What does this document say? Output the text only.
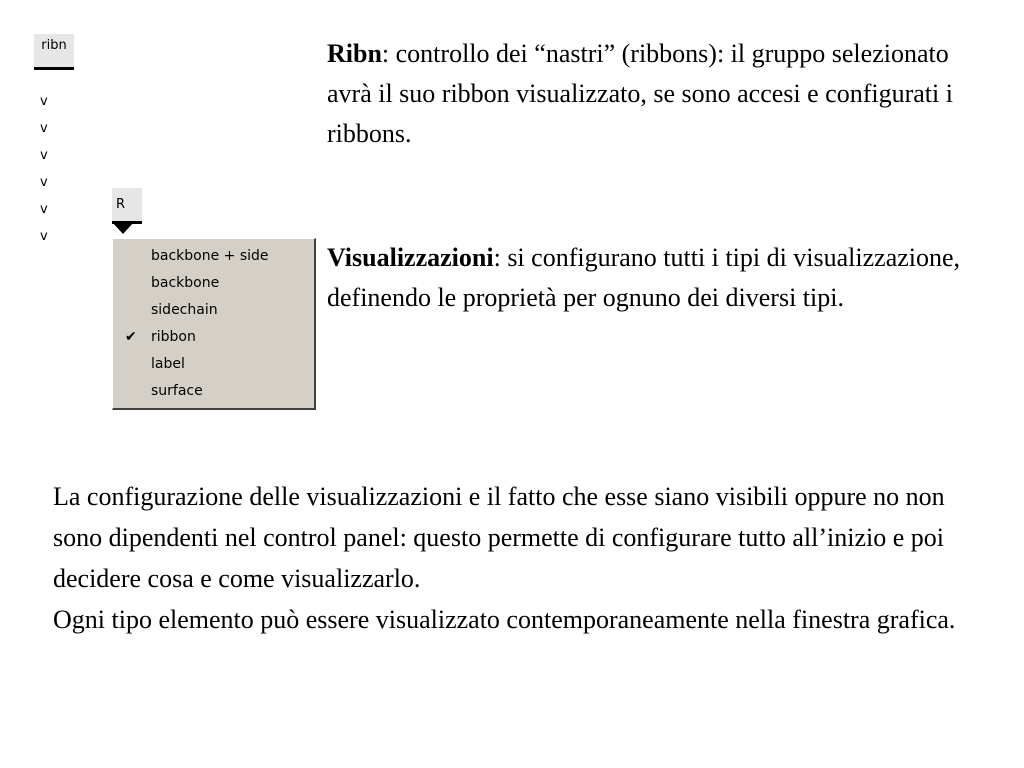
ribn
v
v
v
v
v
v
R
backbone + side
backbone
sidechain
✔ ribbon
label
surface
Ribn: controllo dei “nastri” (ribbons): il gruppo selezionato avrà il suo ribbon visualizzato, se sono accesi e configurati i ribbons.
Visualizzazioni: si configurano tutti i tipi di visualizzazione, definendo le proprietà per ognuno dei diversi tipi.
La configurazione delle visualizzazioni e il fatto che esse siano visibili oppure no non sono dipendenti nel control panel: questo permette di configurare tutto all’inizio e poi decidere cosa e come visualizzarlo.
Ogni tipo elemento può essere visualizzato contemporaneamente nella finestra grafica.
